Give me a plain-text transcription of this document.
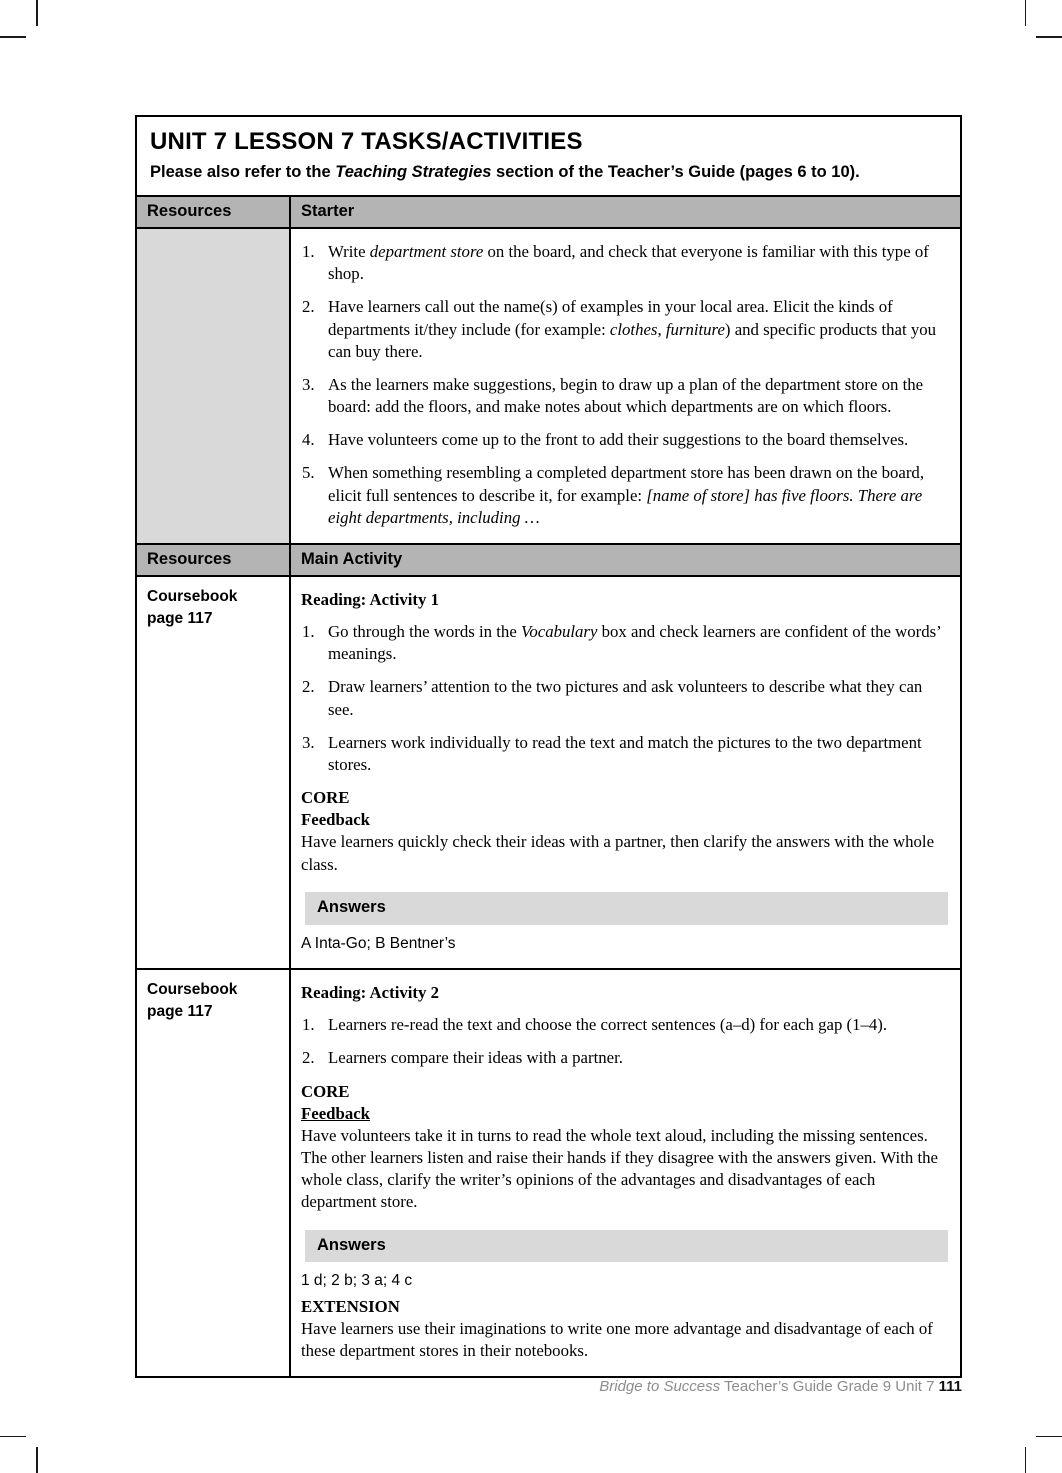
UNIT 7 LESSON 7 TASKS/ACTIVITIES
Please also refer to the Teaching Strategies section of the Teacher’s Guide (pages 6 to 10).
Resources	Starter
Write department store on the board, and check that everyone is familiar with this type of shop.
Have learners call out the name(s) of examples in your local area. Elicit the kinds of departments it/they include (for example: clothes, furniture) and specific products that you can buy there.
As the learners make suggestions, begin to draw up a plan of the department store on the board: add the floors, and make notes about which departments are on which floors.
Have volunteers come up to the front to add their suggestions to the board themselves.
When something resembling a completed department store has been drawn on the board, elicit full sentences to describe it, for example: [name of store] has five floors. There are eight departments, including …
Resources	Main Activity
Coursebook
page 117
Reading: Activity 1
Go through the words in the Vocabulary box and check learners are confident of the words’ meanings.
Draw learners’ attention to the two pictures and ask volunteers to describe what they can see.
Learners work individually to read the text and match the pictures to the two department stores.
CORE
Feedback
Have learners quickly check their ideas with a partner, then clarify the answers with the whole class.
Answers
A Inta-Go; B Bentner’s
Coursebook
page 117
Reading: Activity 2
Learners re-read the text and choose the correct sentences (a–d) for each gap (1–4).
Learners compare their ideas with a partner.
CORE
Feedback
Have volunteers take it in turns to read the whole text aloud, including the missing sentences. The other learners listen and raise their hands if they disagree with the answers given. With the whole class, clarify the writer’s opinions of the advantages and disadvantages of each department store.
Answers
1 d; 2 b; 3 a; 4 c
EXTENSION
Have learners use their imaginations to write one more advantage and disadvantage of each of these department stores in their notebooks.
Bridge to Success Teacher’s Guide Grade 9 Unit 7 111
